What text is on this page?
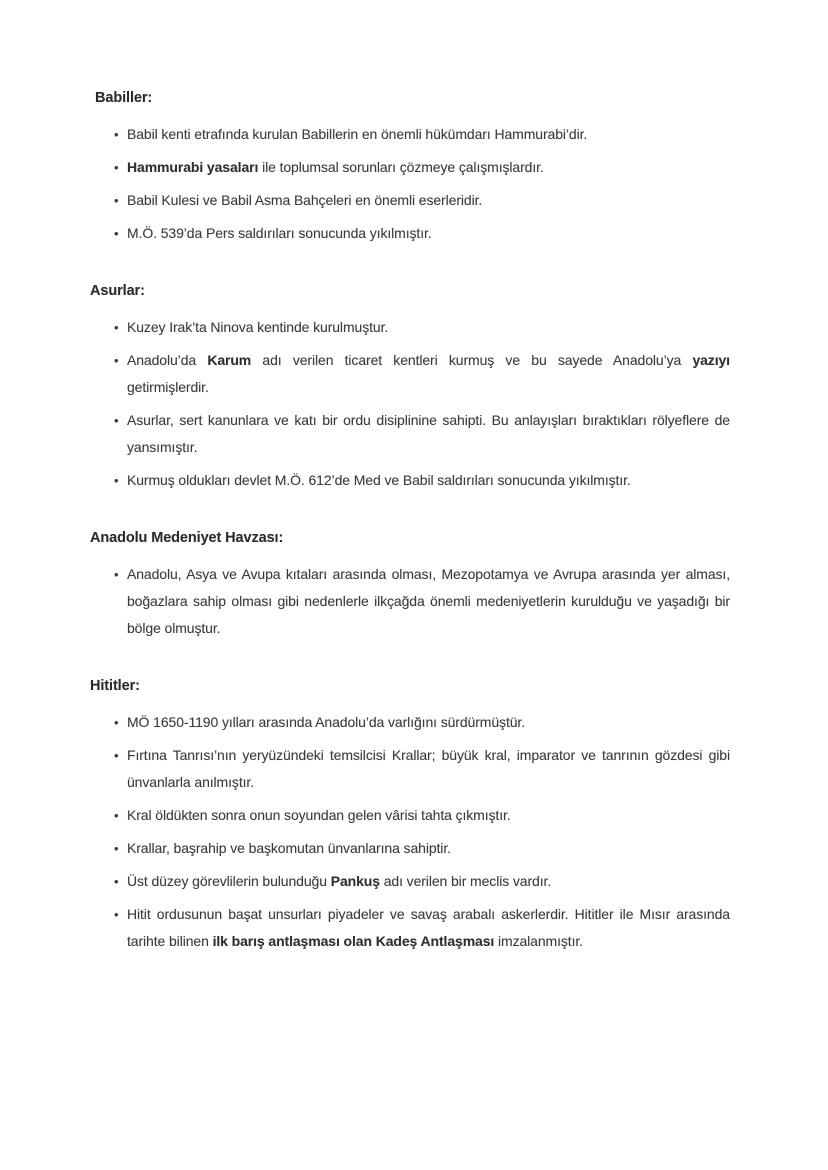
Babiller:
• Babil kenti etrafında kurulan Babillerin en önemli hükümdarı Hammurabi’dir.
• Hammurabi yasaları ile toplumsal sorunları çözmeye çalışmışlardır.
• Babil Kulesi ve Babil Asma Bahçeleri en önemli eserleridir.
• M.Ö. 539’da Pers saldırıları sonucunda yıkılmıştır.
Asurlar:
• Kuzey Irak’ta Ninova kentinde kurulmuştur.
• Anadolu’da Karum adı verilen ticaret kentleri kurmuş ve bu sayede Anadolu’ya yazıyı getirmişlerdir.
• Asurlar, sert kanunlara ve katı bir ordu disiplinine sahipti. Bu anlayışları bıraktıkları rölyeflere de yansımıştır.
• Kurmuş oldukları devlet M.Ö. 612’de Med ve Babil saldırıları sonucunda yıkılmıştır.
Anadolu Medeniyet Havzası:
• Anadolu, Asya ve Avupa kıtaları arasında olması, Mezopotamya ve Avrupa arasında yer alması, boğazlara sahip olması gibi nedenlerle ilkçağda önemli medeniyetlerin kurulduğu ve yaşadığı bir bölge olmuştur.
Hititler:
• MÖ 1650-1190 yılları arasında Anadolu’da varlığını sürdürmüştür.
• Fırtına Tanrısı’nın yeryüzündeki temsilcisi Krallar; büyük kral, imparator ve tanrının gözdesi gibi ünvanlarla anılmıştır.
• Kral öldükten sonra onun soyundan gelen vârisi tahta çıkmıştır.
• Krallar, başrahip ve başkomutan ünvanlarına sahiptir.
• Üst düzey görevlilerin bulunduğu Pankuş adı verilen bir meclis vardır.
• Hitit ordusunun başat unsurları piyadeler ve savaş arabalı askerlerdir. Hititler ile Mısır arasında tarihte bilinen ilk barış antlaşması olan Kadeş Antlaşması imzalanmıştır.
